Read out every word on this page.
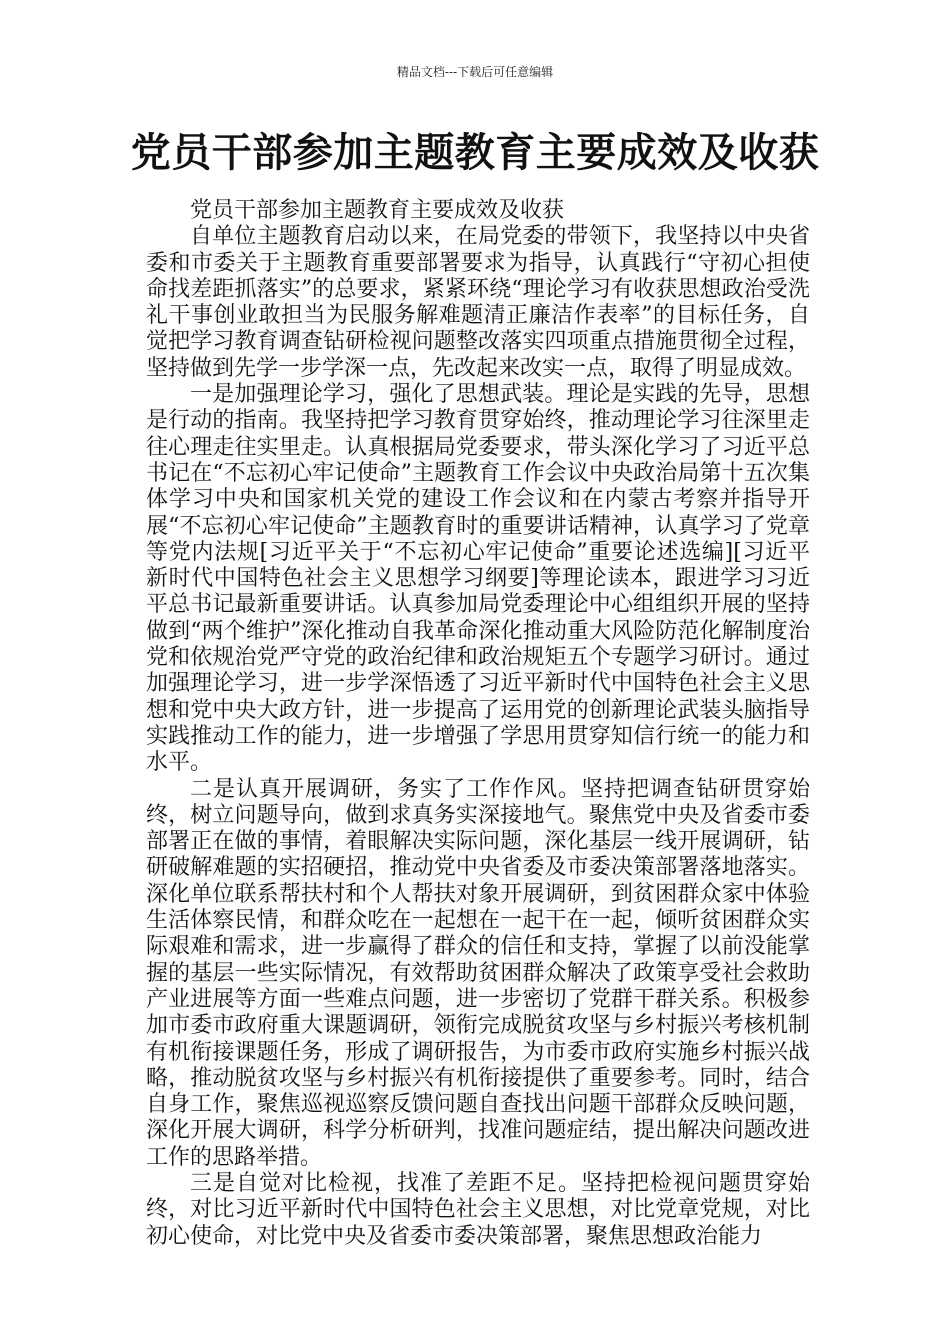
精品文档---下载后可任意编辑
党员干部参加主题教育主要成效及收获

党员干部参加主题教育主要成效及收获

自单位主题教育启动以来，在局党委的带领下，我坚持以中央省委和市委关于主题教育重要部署要求为指导，认真践行“守初心担使命找差距抓落实”的总要求，紧紧环绕“理论学习有收获思想政治受洗礼干事创业敢担当为民服务解难题清正廉洁作表率”的目标任务，自觉把学习教育调查钻研检视问题整改落实四项重点措施贯彻全过程，坚持做到先学一步学深一点，先改起来改实一点，取得了明显成效。

一是加强理论学习，强化了思想武装。理论是实践的先导，思想是行动的指南。我坚持把学习教育贯穿始终，推动理论学习往深里走往心理走往实里走。认真根据局党委要求，带头深化学习了习近平总书记在“不忘初心牢记使命”主题教育工作会议中央政治局第十五次集体学习中央和国家机关党的建设工作会议和在内蒙古考察并指导开展“不忘初心牢记使命”主题教育时的重要讲话精神，认真学习了党章等党内法规[习近平关于“不忘初心牢记使命”重要论述选编][习近平新时代中国特色社会主义思想学习纲要]等理论读本，跟进学习习近平总书记最新重要讲话。认真参加局党委理论中心组组织开展的坚持做到“两个维护”深化推动自我革命深化推动重大风险防范化解制度治党和依规治党严守党的政治纪律和政治规矩五个专题学习研讨。通过加强理论学习，进一步学深悟透了习近平新时代中国特色社会主义思想和党中央大政方针，进一步提高了运用党的创新理论武装头脑指导实践推动工作的能力，进一步增强了学思用贯穿知信行统一的能力和水平。

二是认真开展调研，务实了工作作风。坚持把调查钻研贯穿始终，树立问题导向，做到求真务实深接地气。聚焦党中央及省委市委部署正在做的事情，着眼解决实际问题，深化基层一线开展调研，钻研破解难题的实招硬招，推动党中央省委及市委决策部署落地落实。深化单位联系帮扶村和个人帮扶对象开展调研，到贫困群众家中体验生活体察民情，和群众吃在一起想在一起干在一起，倾听贫困群众实际艰难和需求，进一步赢得了群众的信任和支持，掌握了以前没能掌握的基层一些实际情况，有效帮助贫困群众解决了政策享受社会救助产业进展等方面一些难点问题，进一步密切了党群干群关系。积极参加市委市政府重大课题调研，领衔完成脱贫攻坚与乡村振兴考核机制有机衔接课题任务，形成了调研报告，为市委市政府实施乡村振兴战略，推动脱贫攻坚与乡村振兴有机衔接提供了重要参考。同时，结合自身工作，聚焦巡视巡察反馈问题自查找出问题干部群众反映问题，深化开展大调研，科学分析研判，找准问题症结，提出解决问题改进工作的思路举措。

三是自觉对比检视，找准了差距不足。坚持把检视问题贯穿始终，对比习近平新时代中国特色社会主义思想，对比党章党规，对比初心使命，对比党中央及省委市委决策部署，聚焦思想政治能力
